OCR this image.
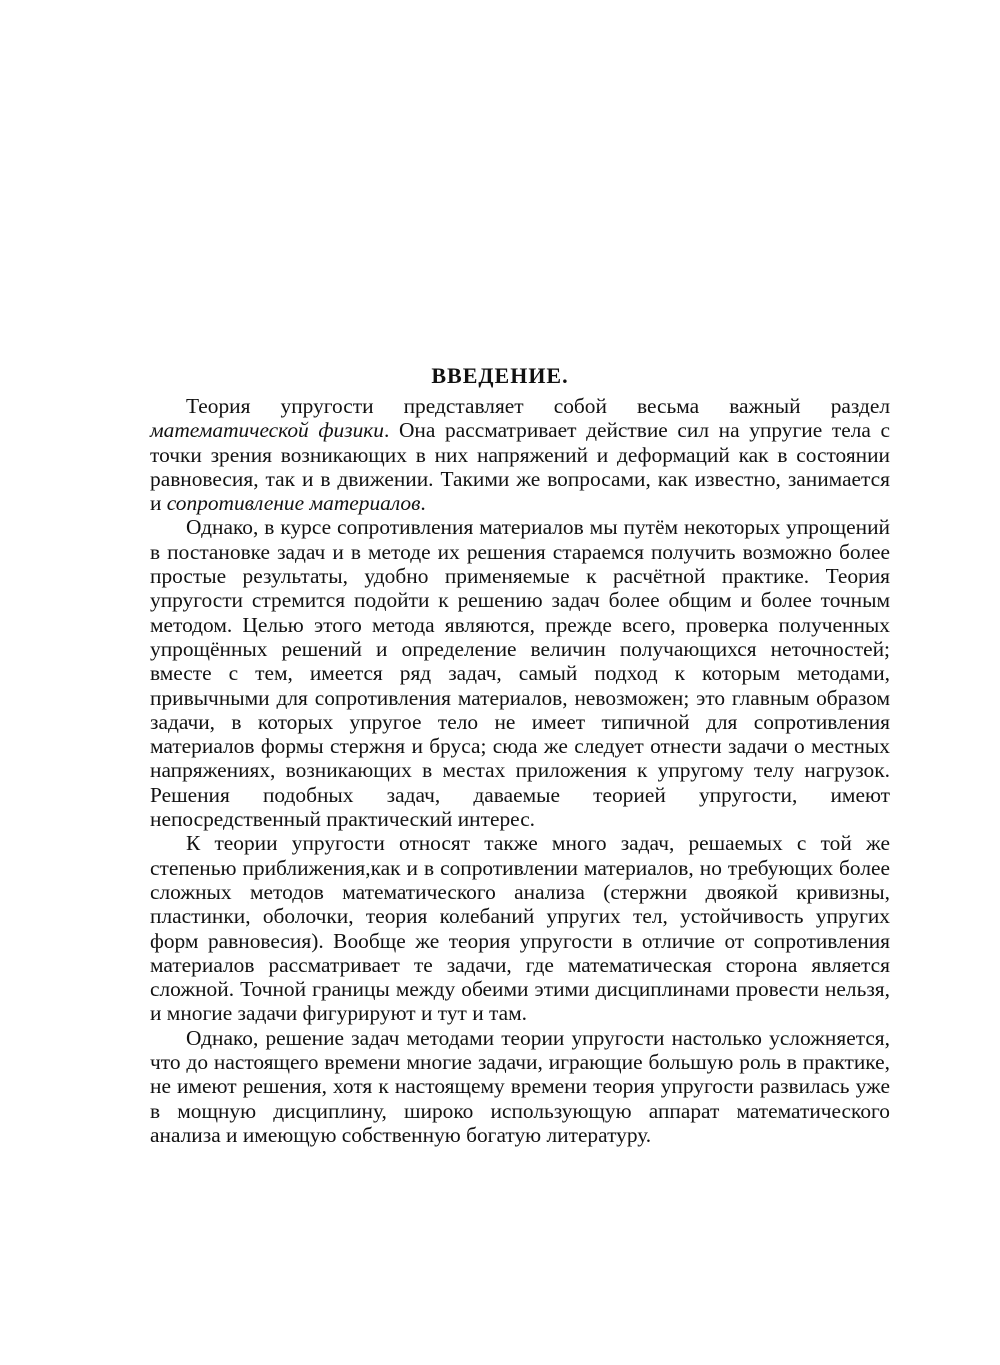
ВВЕДЕНИЕ.

Теория упругости представляет собой весьма важный раздел математической физики. Она рассматривает действие сил на упругие тела с точки зрения возникающих в них напряжений и деформаций как в состоянии равновесия, так и в движении. Такими же вопросами, как известно, занимается и сопротивление материалов.

Однако, в курсе сопротивления материалов мы путём некоторых упрощений в постановке задач и в методе их решения стараемся получить возможно более простые результаты, удобно применяемые к расчётной практике. Теория упругости стремится подойти к решению задач более общим и более точным методом. Целью этого метода являются, прежде всего, проверка полученных упрощённых решений и определение величин получающихся неточностей; вместе с тем, имеется ряд задач, самый подход к которым методами, привычными для сопротивления материалов, невозможен; это главным образом задачи, в которых упругое тело не имеет типичной для сопротивления материалов формы стержня и бруса; сюда же следует отнести задачи о местных напряжениях, возникающих в местах приложения к упругому телу нагрузок. Решения подобных задач, даваемые теорией упругости, имеют непосредственный практический интерес.

К теории упругости относят также много задач, решаемых с той же степенью приближения,как и в сопротивлении материалов, но требующих более сложных методов математического анализа (стержни двоякой кривизны, пластинки, оболочки, теория колебаний упругих тел, устойчивость упругих форм равновесия). Вообще же теория упругости в отличие от сопротивления материалов рассматривает те задачи, где математическая сторона является сложной. Точной границы между обеими этими дисциплинами провести нельзя, и многие задачи фигурируют и тут и там.

Однако, решение задач методами теории упругости настолько усложняется, что до настоящего времени многие задачи, играющие большую роль в практике, не имеют решения, хотя к настоящему времени теория упругости развилась уже в мощную дисциплину, широко использующую аппарат математического анализа и имеющую собственную богатую литературу.
